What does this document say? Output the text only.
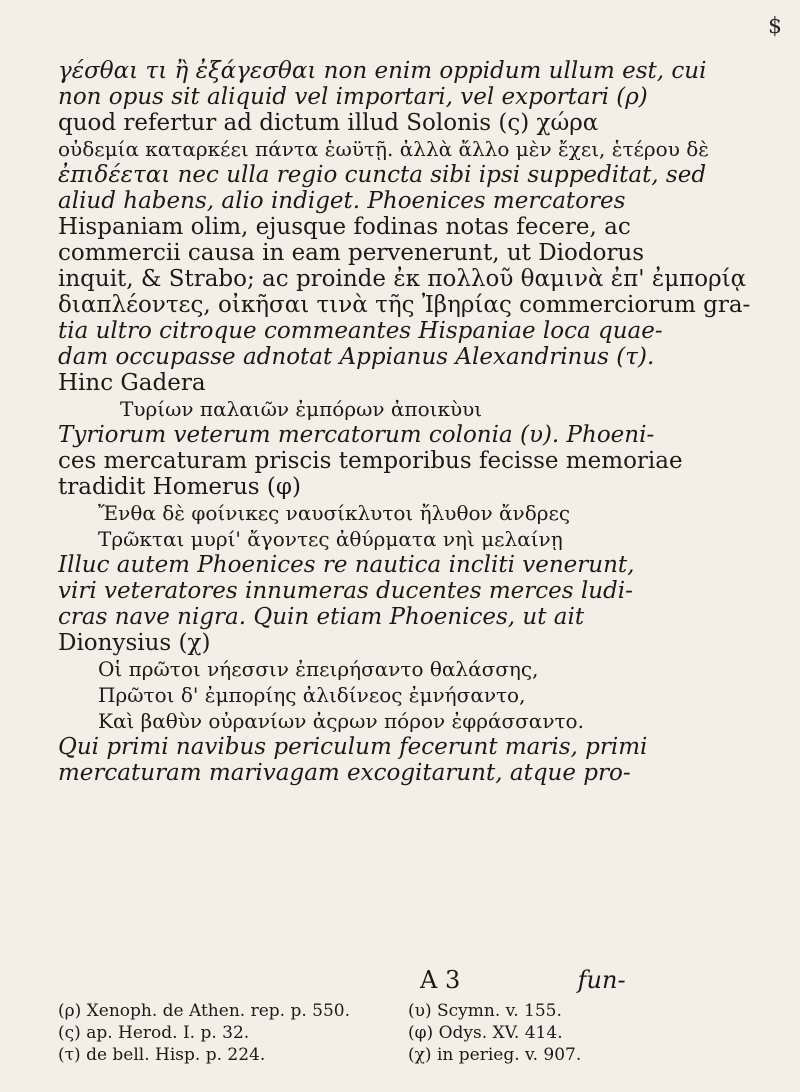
$
γέσθαι τι ἢ ἐξάγεσθαι non enim oppidum ullum est, cui
non opus sit aliquid vel importari, vel exportari (ρ)
quod refertur ad dictum illud Solonis (ς) χώρα
οὐδεμία καταρκέει πάντα ἑωϋτῇ. ἀλλὰ ἄλλο μὲν ἔχει, ἑτέρου δὲ
ἐπιδέεται nec ulla regio cuncta sibi ipsi suppeditat, sed
aliud habens, alio indiget. Phoenices mercatores
Hispaniam olim, ejusque fodinas notas fecere, ac
commercii causa in eam pervenerunt, ut Diodorus
inquit, & Strabo; ac proinde ἐκ πολλοῦ θαμινὰ ἐπ' ἐμπορίᾳ
διαπλέοντες, οἰκῆσαι τινὰ τῆς Ἰβηρίας commerciorum gra-
tia ultro citroque commeantes Hispaniae loca quae-
dam occupasse adnotat Appianus Alexandrinus (τ).
Hinc Gadera
Τυρίων παλαιῶν ἐμπόρων ἀποικὺυι
Tyriorum veterum mercatorum colonia (υ). Phoeni-
ces mercaturam priscis temporibus fecisse memoriae
tradidit Homerus (φ)
Ἔνθα δὲ φοίνικες ναυσίκλυτοι ἤλυθον ἄνδρες
Τρῶκται μυρί' ἄγοντες ἀθύρματα νηὶ μελαίνῃ
Illuc autem Phoenices re nautica incliti venerunt,
viri veteratores innumeras ducentes merces ludi-
cras nave nigra. Quin etiam Phoenices, ut ait
Dionysius (χ)
Οἱ πρῶτοι νήεσσιν ἐπειρήσαντο θαλάσσης,
Πρῶτοι δ' ἐμπορίης ἀλιδίνεος ἐμνήσαντο,
Καὶ βαθὺν οὐρανίων ἀςρων πόρον ἐφράσσαντο.
Qui primi navibus periculum fecerunt maris, primi
mercaturam marivagam excogitarunt, atque pro-
A 3	fun-
(ρ) Xenoph. de Athen. rep. p. 550.	(υ) Scymn. v. 155.
(ς) ap. Herod. I. p. 32.	(φ) Odys. XV. 414.
(τ) de bell. Hisp. p. 224.	(χ) in perieg. v. 907.
